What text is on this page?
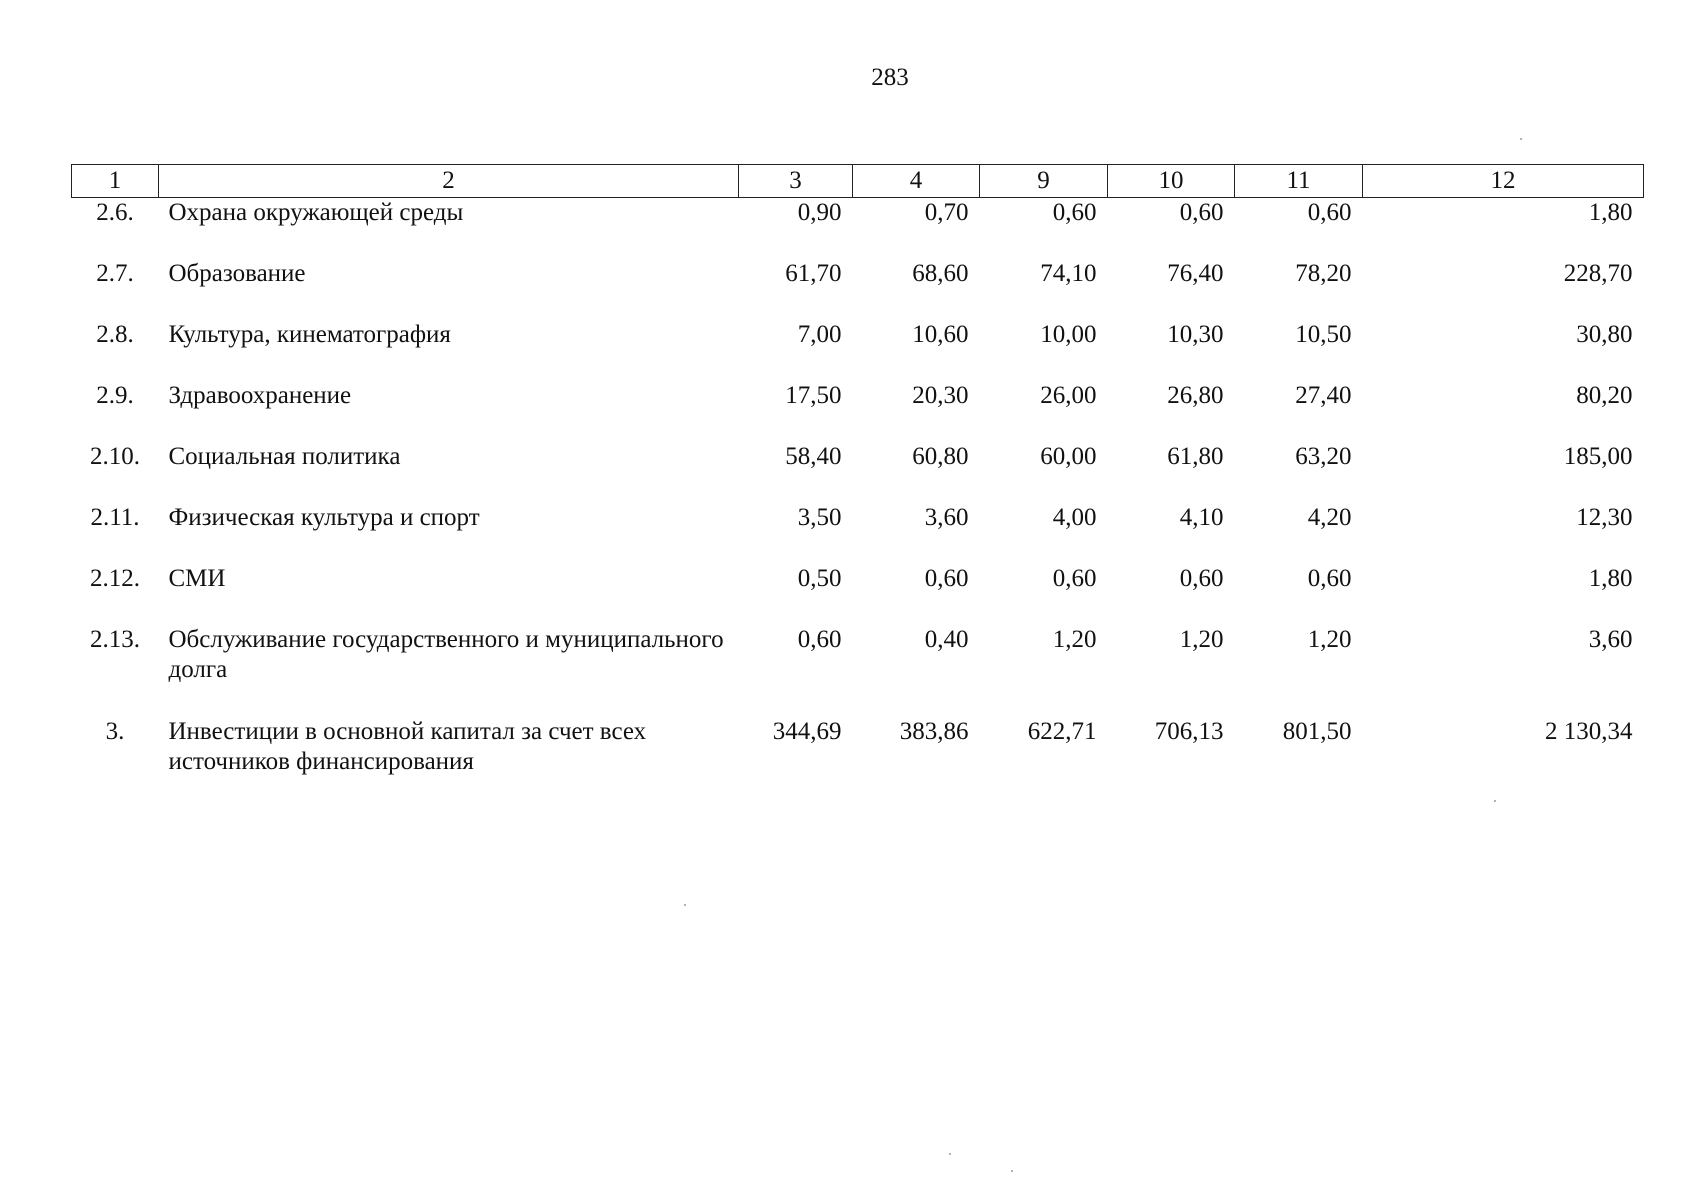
283
1	2	3	4	9	10	11	12
2.6.	Охрана окружающей среды	0,90	0,70	0,60	0,60	0,60	1,80
2.7.	Образование	61,70	68,60	74,10	76,40	78,20	228,70
2.8.	Культура, кинематография	7,00	10,60	10,00	10,30	10,50	30,80
2.9.	Здравоохранение	17,50	20,30	26,00	26,80	27,40	80,20
2.10.	Социальная политика	58,40	60,80	60,00	61,80	63,20	185,00
2.11.	Физическая культура и спорт	3,50	3,60	4,00	4,10	4,20	12,30
2.12.	СМИ	0,50	0,60	0,60	0,60	0,60	1,80
2.13.	Обслуживание государственного и муниципального долга	0,60	0,40	1,20	1,20	1,20	3,60
3.	Инвестиции в основной капитал за счет всех источников финансирования	344,69	383,86	622,71	706,13	801,50	2 130,34
